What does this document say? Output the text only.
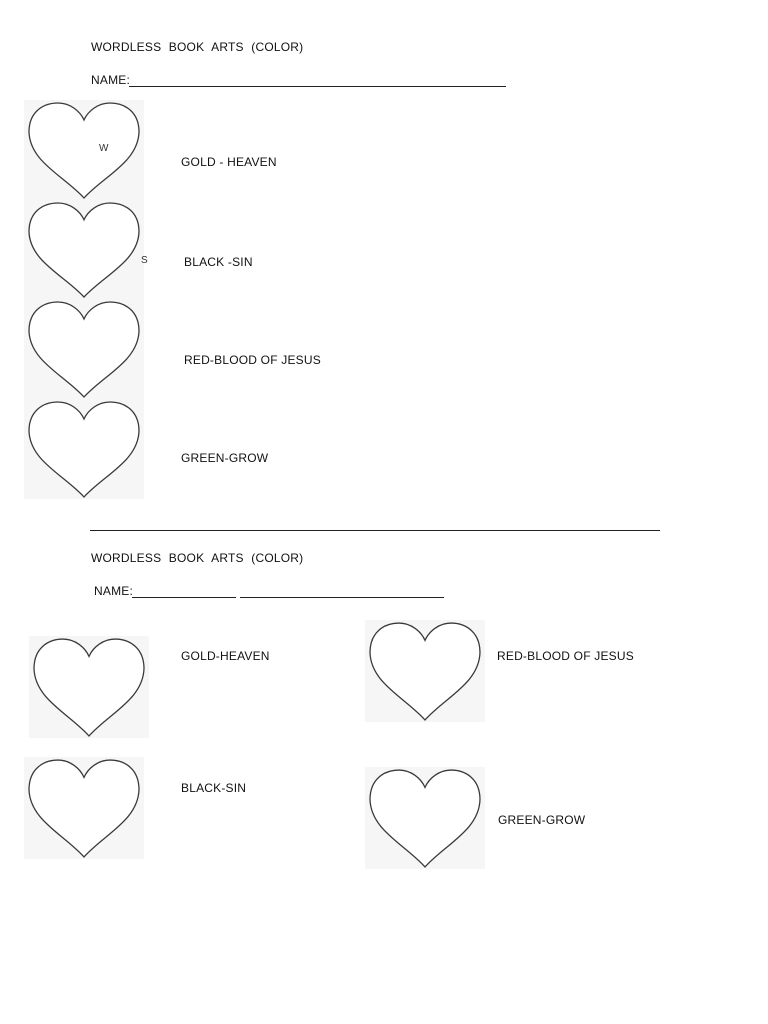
WORDLESS BOOK ARTS (COLOR)
NAME:
W
GOLD - HEAVEN
S	BLACK -SIN
RED-BLOOD OF JESUS
GREEN-GROW
WORDLESS BOOK ARTS (COLOR)
NAME:
GOLD-HEAVEN	RED-BLOOD OF JESUS
BLACK-SIN
GREEN-GROW
